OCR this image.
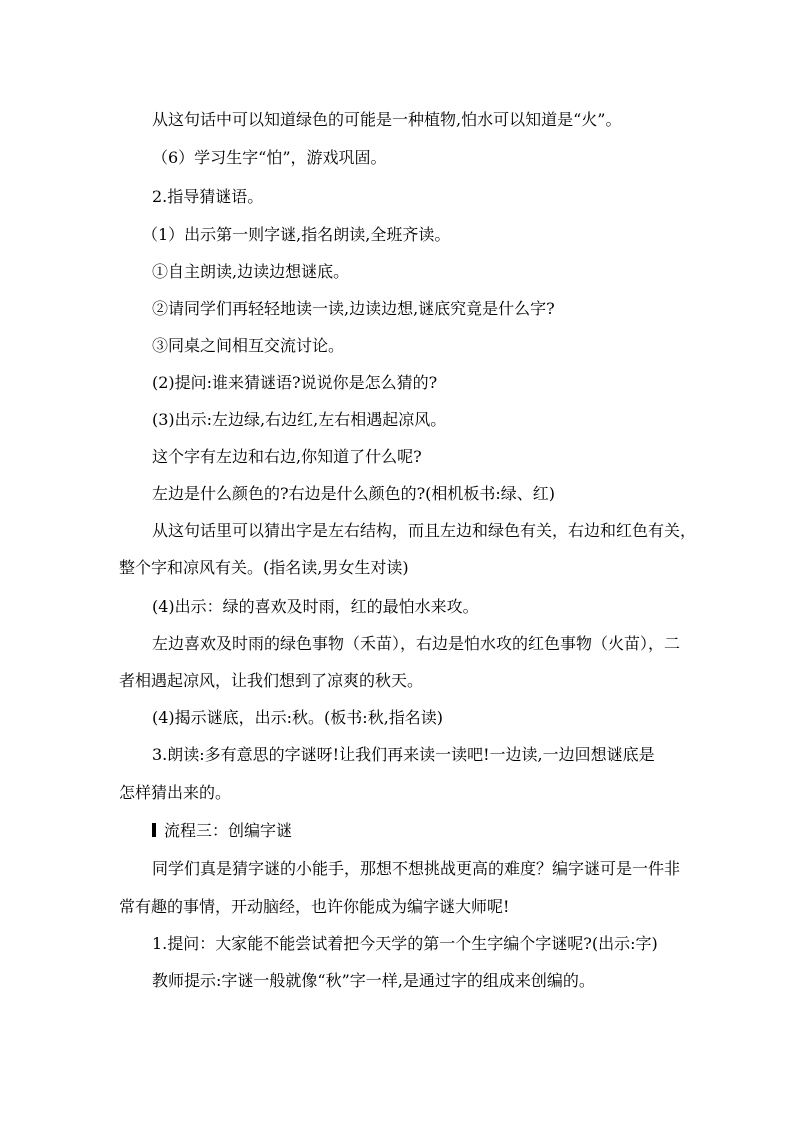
从这句话中可以知道绿色的可能是一种植物,怕水可以知道是“火”。

（6）学习生字“怕”，游戏巩固。

2.指导猜谜语。

（1）出示第一则字谜,指名朗读,全班齐读。

①自主朗读,边读边想谜底。

②请同学们再轻轻地读一读,边读边想,谜底究竟是什么字?

③同桌之间相互交流讨论。

(2)提问:谁来猜谜语?说说你是怎么猜的?

(3)出示:左边绿,右边红,左右相遇起凉风。

这个字有左边和右边,你知道了什么呢?

左边是什么颜色的?右边是什么颜色的?(相机板书:绿、红)

从这句话里可以猜出字是左右结构，而且左边和绿色有关，右边和红色有关，

整个字和凉风有关。(指名读,男女生对读)

(4)出示：绿的喜欢及时雨，红的最怕水来攻。

左边喜欢及时雨的绿色事物（禾苗），右边是怕水攻的红色事物（火苗），二

者相遇起凉风，让我们想到了凉爽的秋天。

(4)揭示谜底，出示:秋。(板书:秋,指名读)

3.朗读:多有意思的字谜呀!让我们再来读一读吧!一边读,一边回想谜底是

怎样猜出来的。

流程三：创编字谜

同学们真是猜字谜的小能手，那想不想挑战更高的难度？编字谜可是一件非

常有趣的事情，开动脑经，也许你能成为编字谜大师呢!

1.提问：大家能不能尝试着把今天学的第一个生字编个字谜呢?(出示:字)

教师提示:字谜一般就像“秋”字一样,是通过字的组成来创编的。
